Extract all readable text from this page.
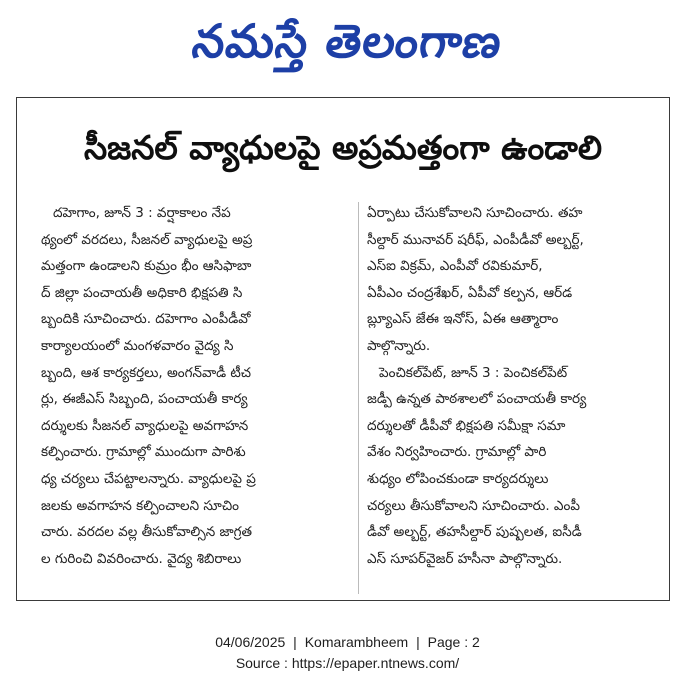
నమస్తే తెలంగాణ
సీజనల్ వ్యాధులపై అప్రమత్తంగా ఉండాలి
దహెగాం, జూన్ 3 : వర్షాకాలం నేప
థ్యంలో వరదలు, సీజనల్ వ్యాధులపై అప్ర
మత్తంగా ఉండాలని కుమ్రం భీం ఆసిఫాబా
ద్ జిల్లా పంచాయతీ అధికారి భిక్షపతి సి
బ్బందికి సూచించారు. దహెగాం ఎంపీడీవో
కార్యాలయంలో మంగళవారం వైద్య సి
బ్బంది, ఆశ కార్యకర్తలు, అంగన్‌వాడీ టీచ
ర్లు, ఈజీఎస్ సిబ్బంది, పంచాయతీ కార్య
దర్శులకు సీజనల్ వ్యాధులపై అవగాహన
కల్పించారు. గ్రామాల్లో ముందుగా పారిశు
ధ్య చర్యలు చేపట్టాలన్నారు. వ్యాధులపై ప్ర
జలకు అవగాహన కల్పించాలని సూచిం
చారు. వరదల వల్ల తీసుకోవాల్సిన జాగ్రత
ల గురించి వివరించారు. వైద్య శిబిరాలు
ఏర్పాటు చేసుకోవాలని సూచించారు. తహ
సీల్దార్ మునావర్ షరీఫ్, ఎంపీడీవో అల్బర్ట్,
ఎస్ఐ విక్రమ్, ఎంపీవో రవికుమార్,
ఏపీఎం చంద్రశేఖర్, ఏపీవో కల్పన, ఆర్‌డ
బ్ల్యూఎస్ జేఈ ఇనోస్, ఏఈ ఆత్మారాం
పాల్గొన్నారు.
పెంచికల్‌పేట్, జూన్ 3 : పెంచికల్‌పేట్
జడ్పీ ఉన్నత పాఠశాలలో పంచాయతీ కార్య
దర్శులతో డీపీవో భిక్షపతి సమీక్షా సమా
వేశం నిర్వహించారు. గ్రామాల్లో పారి
శుధ్యం లోపించకుండా కార్యదర్శులు
చర్యలు తీసుకోవాలని సూచించారు. ఎంపీ
డీవో అల్బర్ట్, తహసీల్దార్ పుష్పలత, ఐసీడీ
ఎస్ సూపర్‌వైజర్ హసీనా పాల్గొన్నారు.
04/06/2025 | Komarambheem | Page : 2
Source : https://epaper.ntnews.com/
